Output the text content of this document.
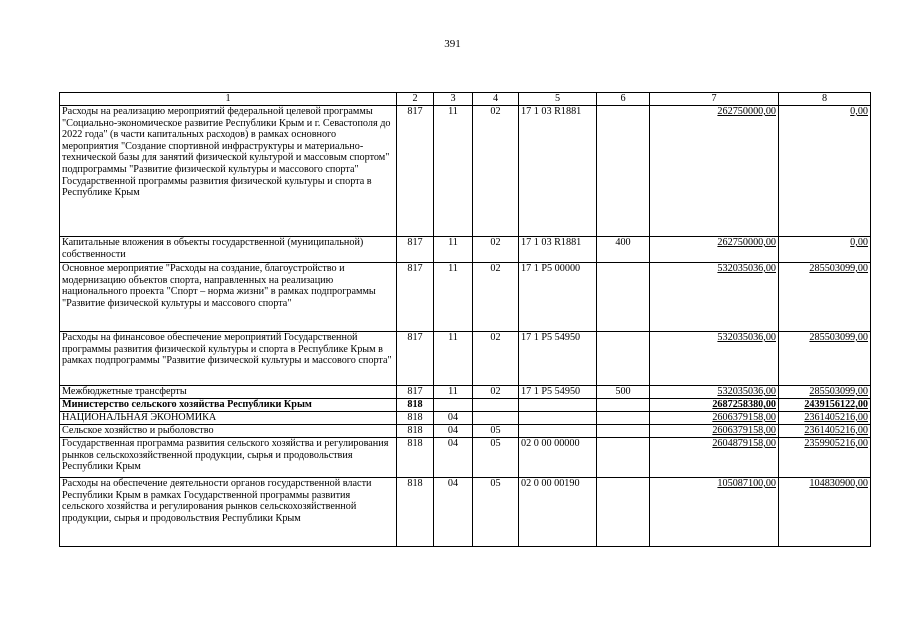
391
1	2	3	4	5	6	7	8
Расходы на реализацию мероприятий федеральной целевой программы "Социально-экономическое развитие Республики Крым и г. Севастополя до 2022 года" (в части капитальных расходов) в рамках основного мероприятия "Создание спортивной инфраструктуры и материально-технической базы для занятий физической культурой и массовым спортом" подпрограммы "Развитие физической культуры и массового спорта" Государственной программы развития физической культуры и спорта в Республике Крым	817	11	02	17 1 03 R1881		262750000,00	0,00
Капитальные вложения в объекты государственной (муниципальной) собственности	817	11	02	17 1 03 R1881	400	262750000,00	0,00
Основное мероприятие "Расходы на создание, благоустройство и модернизацию объектов спорта, направленных на реализацию национального проекта "Спорт – норма жизни" в рамках подпрограммы "Развитие физической культуры и массового спорта"	817	11	02	17 1 P5 00000		532035036,00	285503099,00
Расходы на финансовое обеспечение мероприятий Государственной программы развития физической культуры и спорта в Республике Крым в рамках подпрограммы "Развитие физической культуры и массового спорта"	817	11	02	17 1 P5 54950		532035036,00	285503099,00
Межбюджетные трансферты	817	11	02	17 1 P5 54950	500	532035036,00	285503099,00
Министерство сельского хозяйства Республики Крым	818					2687258380,00	2439156122,00
НАЦИОНАЛЬНАЯ ЭКОНОМИКА	818	04				2606379158,00	2361405216,00
Сельское хозяйство и рыболовство	818	04	05			2606379158,00	2361405216,00
Государственная программа развития сельского хозяйства и регулирования рынков сельскохозяйственной продукции, сырья и продовольствия Республики Крым	818	04	05	02 0 00 00000		2604879158,00	2359905216,00
Расходы на обеспечение деятельности органов государственной власти Республики Крым в рамках Государственной программы развития сельского хозяйства и регулирования рынков сельскохозяйственной продукции, сырья и продовольствия Республики Крым	818	04	05	02 0 00 00190		105087100,00	104830900,00
